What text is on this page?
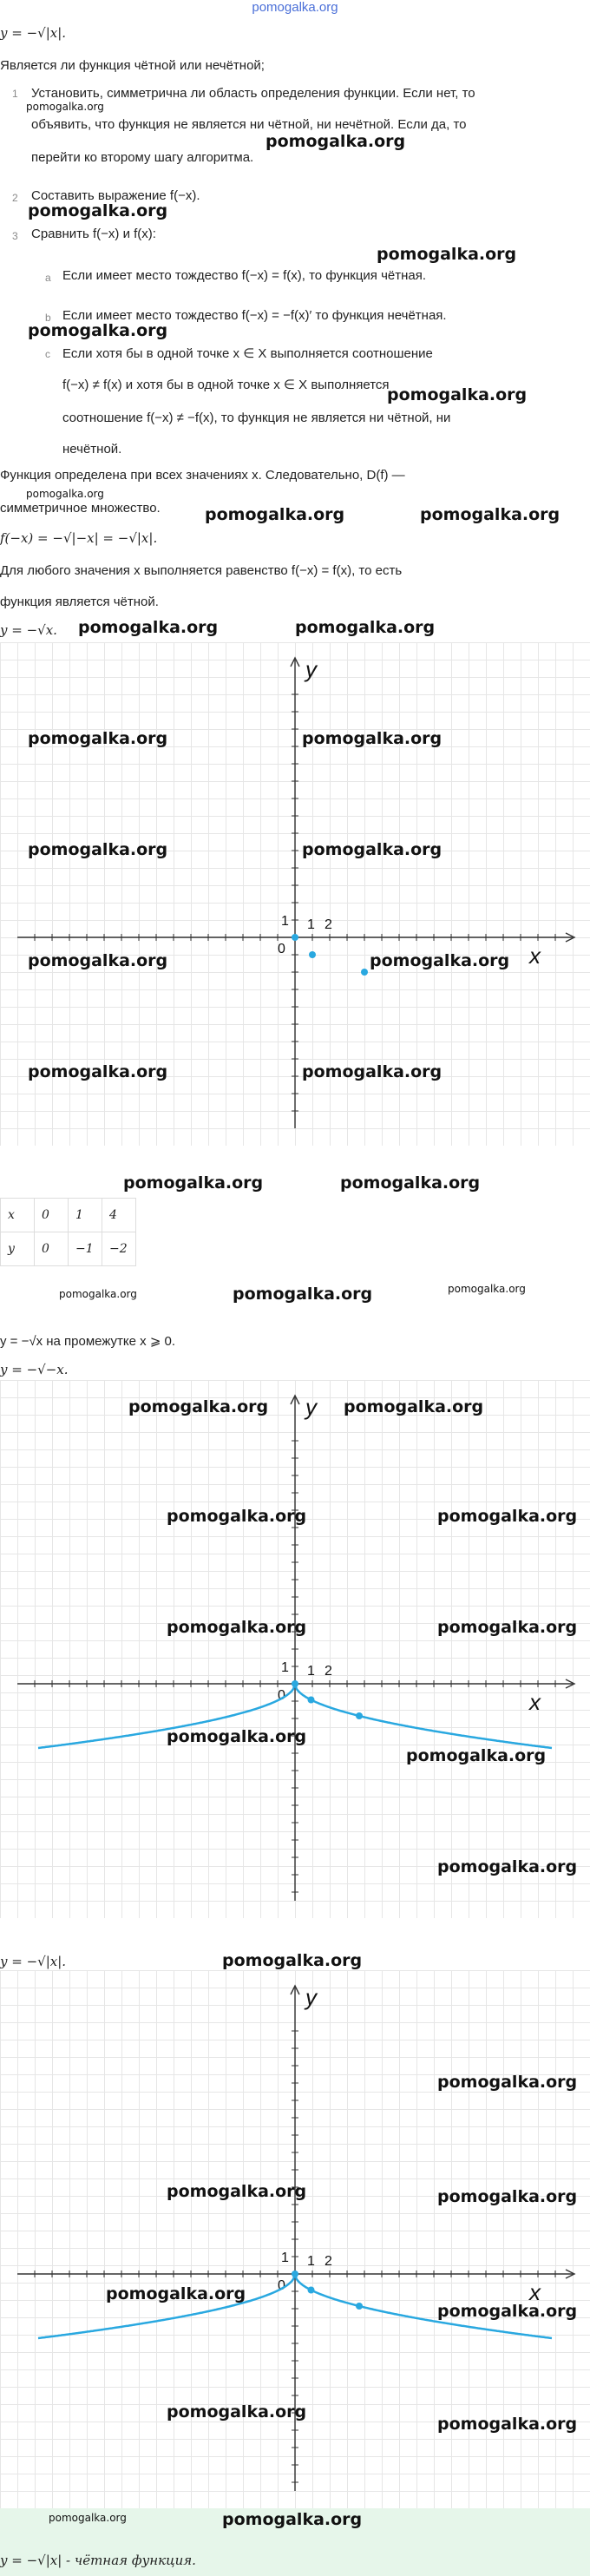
pomogalka.org
y = −√|x|.
Является ли функция чётной или нечётной;
1	Установить, симметрична ли область определения функции. Если нет, то
объявить, что функция не является ни чётной, ни нечётной. Если да, то
перейти ко второму шагу алгоритма.
2 Составить выражение f(−x).
3 Сравнить f(−x) и f(x):
a Если имеет место тождество f(−x) = f(x), то функция чётная.
b Если имеет место тождество f(−x) = −f(x)′ то функция нечётная.
c Если хотя бы в одной точке x ∈ X выполняется соотношение
f(−x) ≠ f(x) и хотя бы в одной точке x ∈ X выполняется
соотношение f(−x) ≠ −f(x), то функция не является ни чётной, ни
нечётной.
Функция определена при всех значениях x. Следовательно, D(f) —
симметричное множество.
f(−x) = −√|−x| = −√|x|.
Для любого значения x выполняется равенство f(−x) = f(x), то есть
функция является чётной.
y = −√x.
y
x
0
1 2
1
x	0	1	4
y	0	−1	−2
y = −√x на промежутке x ⩾ 0.
y = −√−x.
y
x
0
1 2
1
y = −√|x|.
y
x
0
1 2
1
y = −√|x| - чётная функция.
pomogalka.org
pomogalka.org
pomogalka.org
pomogalka.org
pomogalka.org
pomogalka.org	pomogalka.org
pomogalka.org	pomogalka.org
pomogalka.org	pomogalka.org
pomogalka.org	pomogalka.org
pomogalka.org	pomogalka.org
pomogalka.org	pomogalka.org
pomogalka.org	pomogalka.org
pomogalka.org
pomogalka.org	pomogalka.org
pomogalka.org	pomogalka.org
pomogalka.org	pomogalka.org
pomogalka.org	pomogalka.org
pomogalka.org
pomogalka.org
pomogalka.org
pomogalka.org
pomogalka.org
pomogalka.org	pomogalka.org
pomogalka.org
pomogalka.org
pomogalka.org
pomogalka.org
pomogalka.org
pomogalka.org
pomogalka.org
pomogalka.org
